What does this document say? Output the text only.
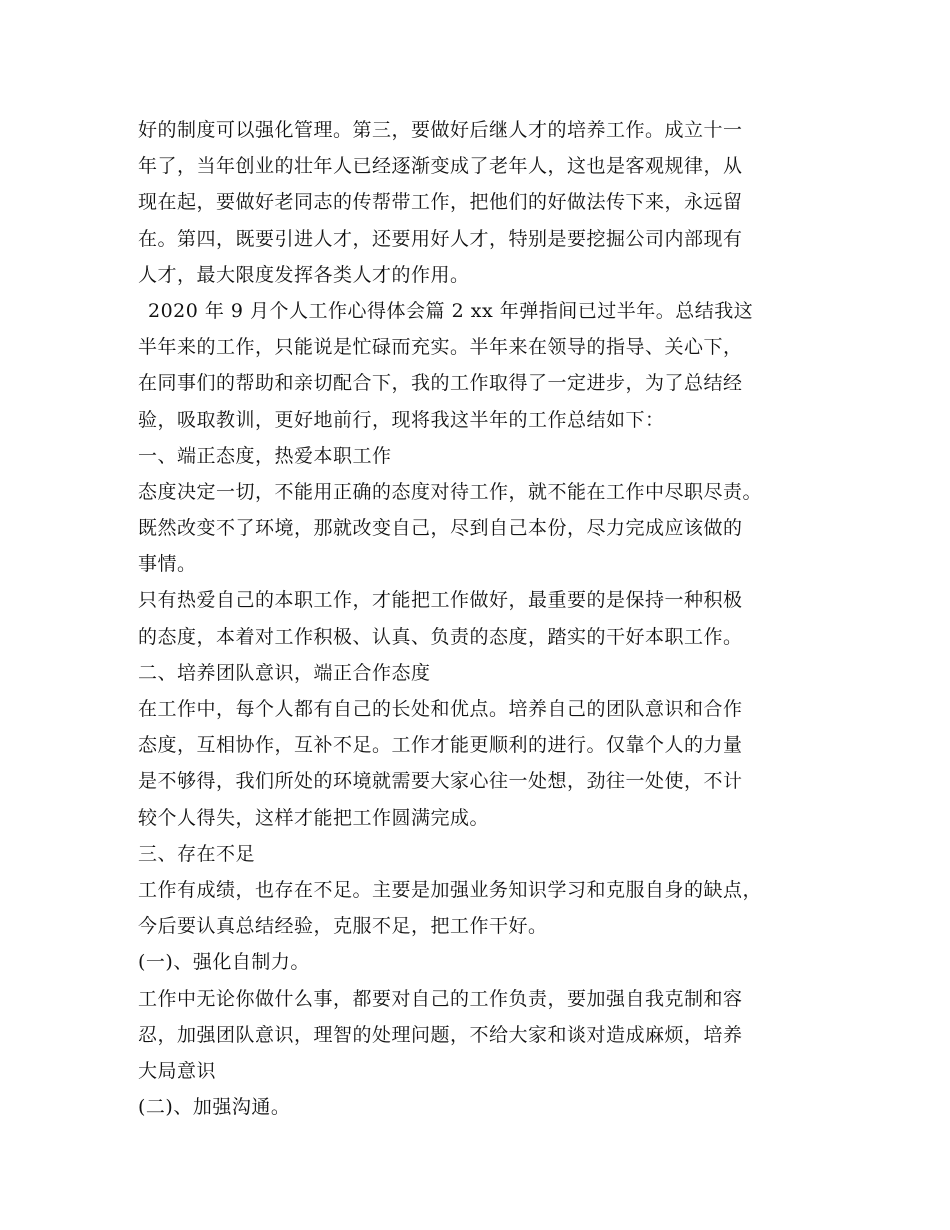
好的制度可以强化管理。第三，要做好后继人才的培养工作。成立十一
年了，当年创业的壮年人已经逐渐变成了老年人，这也是客观规律，从
现在起，要做好老同志的传帮带工作，把他们的好做法传下来，永远留
在。第四，既要引进人才，还要用好人才，特别是要挖掘公司内部现有
人才，最大限度发挥各类人才的作用。
2020 年 9 月个人工作心得体会篇 2 xx 年弹指间已过半年。总结我这
半年来的工作，只能说是忙碌而充实。半年来在领导的指导、关心下，
在同事们的帮助和亲切配合下，我的工作取得了一定进步，为了总结经
验，吸取教训，更好地前行，现将我这半年的工作总结如下：
一、端正态度，热爱本职工作
态度决定一切，不能用正确的态度对待工作，就不能在工作中尽职尽责。
既然改变不了环境，那就改变自己，尽到自己本份，尽力完成应该做的
事情。
只有热爱自己的本职工作，才能把工作做好，最重要的是保持一种积极
的态度，本着对工作积极、认真、负责的态度，踏实的干好本职工作。
二、培养团队意识，端正合作态度
在工作中，每个人都有自己的长处和优点。培养自己的团队意识和合作
态度，互相协作，互补不足。工作才能更顺利的进行。仅靠个人的力量
是不够得，我们所处的环境就需要大家心往一处想，劲往一处使，不计
较个人得失，这样才能把工作圆满完成。
三、存在不足
工作有成绩，也存在不足。主要是加强业务知识学习和克服自身的缺点，
今后要认真总结经验，克服不足，把工作干好。
(一)、强化自制力。
工作中无论你做什么事，都要对自己的工作负责，要加强自我克制和容
忍，加强团队意识，理智的处理问题，不给大家和谈对造成麻烦，培养
大局意识
(二)、加强沟通。
